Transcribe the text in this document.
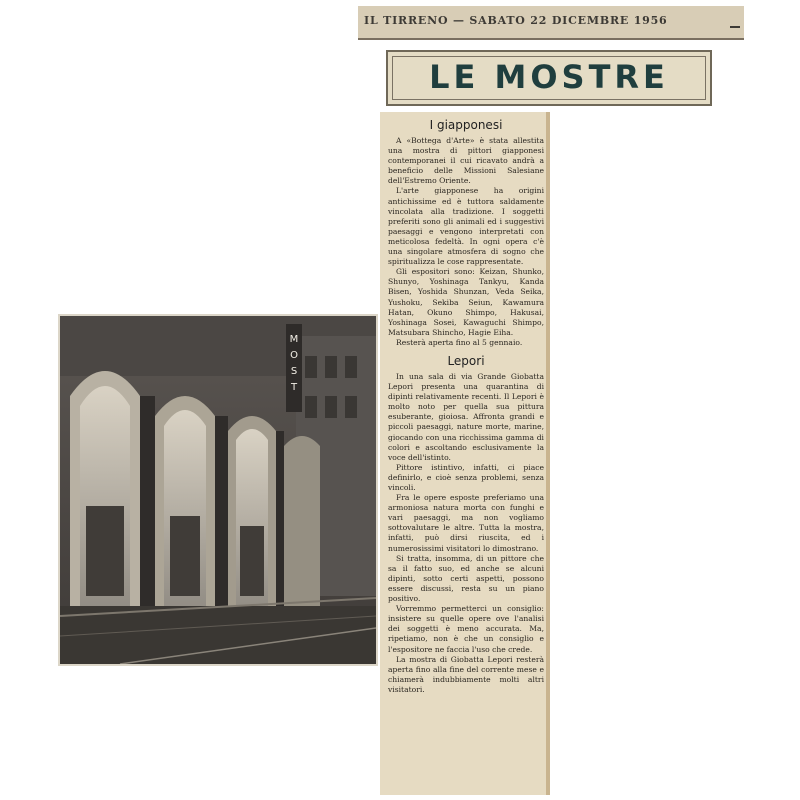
IL TIRRENO — SABATO 22 DICEMBRE 1956
LE MOSTRE
I giapponesi

A «Bottega d'Arte» è stata allestita una mostra di pittori giapponesi contemporanei il cui ricavato andrà a beneficio delle Missioni Salesiane dell'Estremo Oriente.

L'arte giapponese ha origini antichissime ed è tuttora saldamente vincolata alla tradizione. I soggetti preferiti sono gli animali ed i suggestivi paesaggi e vengono interpretati con meticolosa fedeltà. In ogni opera c'è una singolare atmosfera di sogno che spiritualizza le cose rappresentate.

Gli espositori sono: Keizan, Shunko, Shunyo, Yoshinaga Tankyu, Kanda Bisen, Yoshida Shunzan, Veda Seika, Yushoku, Sekiba Seiun, Kawamura Hatan, Okuno Shimpo, Hakusai, Yoshinaga Sosei, Kawaguchi Shimpo, Matsubara Shincho, Hagie Eiha.

Resterà aperta fino al 5 gennaio.

Lepori

In una sala di via Grande Giobatta Lepori presenta una quarantina di dipinti relativamente recenti. Il Lepori è molto noto per quella sua pittura esuberante, gioiosa. Affronta grandi e piccoli paesaggi, nature morte, marine, giocando con una ricchissima gamma di colori e ascoltando esclusivamente la voce dell'istinto.

Pittore istintivo, infatti, ci piace definirlo, e cioè senza problemi, senza vincoli.

Fra le opere esposte preferiamo una armoniosa natura morta con funghi e vari paesaggi, ma non vogliamo sottovalutare le altre. Tutta la mostra, infatti, può dirsi riuscita, ed i numerosissimi visitatori lo dimostrano.

Si tratta, insomma, di un pittore che sa il fatto suo, ed anche se alcuni dipinti, sotto certi aspetti, possono essere discussi, resta su un piano positivo.

Vorremmo permetterci un consiglio: insistere su quelle opere ove l'analisi dei soggetti è meno accurata. Ma, ripetiamo, non è che un consiglio e l'espositore ne faccia l'uso che crede.

La mostra di Giobatta Lepori resterà aperta fino alla fine del corrente mese e chiamerà indubbiamente molti altri visitatori.

M
O
S
T
